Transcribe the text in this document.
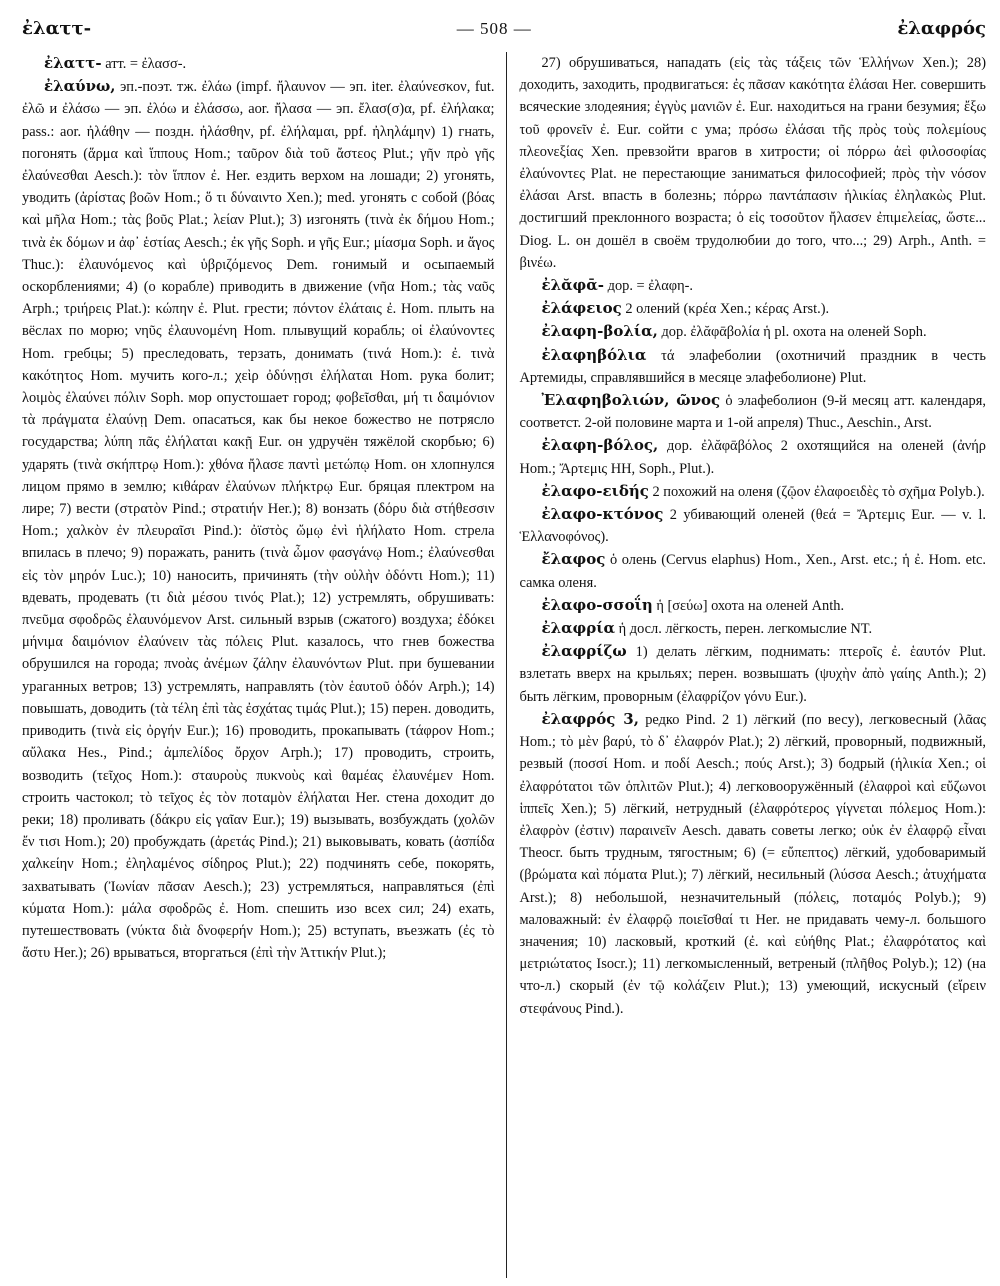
ἐλαττ-	— 508 —	ἐλαφρός

ἐλαττ- атт. = ἐλασσ-.

ἐλαύνω, эп.-поэт. тж. ἐλάω (impf. ἤλαυνον — эп. iter. ἐλαύνεσκον, fut. ἐλῶ и ἐλάσω — эп. ἐλόω и ἐλάσσω, aor. ἤλασα — эп. ἔλασ(σ)α, pf. ἐλήλακα; pass.: aor. ἠλάθην — поздн. ἠλάσθην, pf. ἐλήλαμαι, ppf. ἠληλάμην) 1) гнать, погонять (ἅρμα καὶ ἵππους Hom.; ταῦρον διὰ τοῦ ἄστεος Plut.; γῆν πρὸ γῆς ἐλαύνεσθαι Aesch.): τὸν ἵππον ἐ. Her. ездить верхом на лошади; 2) угонять, уводить (ἀρίστας βοῶν Hom.; ὅ τι δύναιντο Xen.); med. угонять с собой (βόας καὶ μῆλα Hom.; τὰς βοῦς Plat.; λείαν Plut.); 3) изгонять (τινὰ ἐκ δήμου Hom.; τινὰ ἐκ δόμων и ἀφ᾽ ἑστίας Aesch.; ἐκ γῆς Soph. и γῆς Eur.; μίασμα Soph. и ἄγος Thuc.): ἐλαυνόμενος καὶ ὑβριζόμενος Dem. гонимый и осыпаемый оскорблениями; 4) (о корабле) приводить в движение (νῆα Hom.; τὰς ναῦς Arph.; τριήρεις Plat.): κώπην ἐ. Plut. грести; πόντον ἐλάταις ἐ. Hom. плыть на вёслах по морю; νηῦς ἐλαυνομένη Hom. плывущий корабль; οἱ ἐλαύνοντες Hom. гребцы; 5) преследовать, терзать, донимать (τινά Hom.): ἐ. τινὰ κακότητος Hom. мучить кого-л.; χεὶρ ὀδύνῃσι ἐλήλαται Hom. рука болит; λοιμὸς ἐλαύνει πόλιν Soph. мор опустошает город; φοβεῖσθαι, μή τι δαιμόνιον τὰ πράγματα ἐλαύνῃ Dem. опасаться, как бы некое божество не потрясло государства; λύπη πᾶς ἐλήλαται κακῇ Eur. он удручён тяжёлой скорбью; 6) ударять (τινὰ σκήπτρῳ Hom.): χθόνα ἤλασε παντὶ μετώπῳ Hom. он хлопнулся лицом прямо в землю; κιθάραν ἐλαύνων πλήκτρῳ Eur. бряцая плектром на лире; 7) вести (στρατὸν Pind.; στρατιήν Her.); 8) вонзать (δόρυ διὰ στήθεσσιν Hom.; χαλκὸν ἐν πλευραῖσι Pind.): ὀϊστὸς ὤμῳ ἐνὶ ἠλήλατο Hom. стрела впилась в плечо; 9) поражать, ранить (τινὰ ὦμον φασγάνῳ Hom.; ἐλαύνεσθαι εἰς τὸν μηρόν Luc.); 10) наносить, причинять (τὴν οὐλὴν ὀδόντι Hom.); 11) вдевать, продевать (τι διὰ μέσου τινός Plat.); 12) устремлять, обрушивать: πνεῦμα σφοδρῶς ἐλαυνόμενον Arst. сильный взрыв (сжатого) воздуха; ἐδόκει μήνιμα δαιμόνιον ἐλαύνειν τὰς πόλεις Plut. казалось, что гнев божества обрушился на города; πνοὰς ἀνέμων ζάλην ἐλαυνόντων Plut. при бушевании ураганных ветров; 13) устремлять, направлять (τὸν ἑαυτοῦ ὁδόν Arph.); 14) повышать, доводить (τὰ τέλη ἐπὶ τὰς ἐσχάτας τιμάς Plut.); 15) перен. доводить, приводить (τινὰ εἰς ὀργήν Eur.); 16) проводить, прокапывать (τάφρον Hom.; αὔλακα Hes., Pind.; ἀμπελίδος ὄρχον Arph.); 17) проводить, строить, возводить (τεῖχος Hom.): σταυροὺς πυκνοὺς καὶ θαμέας ἐλαυνέμεν Hom. строить частокол; τὸ τεῖχος ἐς τὸν ποταμὸν ἐλήλαται Her. стена доходит до реки; 18) проливать (δάκρυ εἰς γαῖαν Eur.); 19) вызывать, возбуждать (χολῶν ἔν τισι Hom.); 20) пробуждать (ἀρετάς Pind.); 21) выковывать, ковать (ἀσπίδα χαλκείην Hom.; ἐληλαμένος σίδηρος Plut.); 22) подчинять себе, покорять, захватывать (Ἰωνίαν πᾶσαν Aesch.); 23) устремляться, направляться (ἐπὶ κύματα Hom.): μάλα σφοδρῶς ἐ. Hom. спешить изо всех сил; 24) ехать, путешествовать (νύκτα διὰ δνοφερήν Hom.); 25) вступать, въезжать (ἐς τὸ ἄστυ Her.); 26) врываться, вторгаться (ἐπὶ τὴν Ἀττικήν Plut.);

27) обрушиваться, нападать (εἰς τὰς τάξεις τῶν Ἑλλήνων Xen.); 28) доходить, заходить, продвигаться: ἐς πᾶσαν κακότητα ἐλάσαι Her. совершить всяческие злодеяния; ἐγγὺς μανιῶν ἐ. Eur. находиться на грани безумия; ἔξω τοῦ φρονεῖν ἐ. Eur. сойти с ума; πρόσω ἐλάσαι τῆς πρὸς τοὺς πολεμίους πλεονεξίας Xen. превзойти врагов в хитрости; οἱ πόρρω ἀεὶ φιλοσοφίας ἐλαύνοντες Plat. не перестающие заниматься философией; πρὸς τὴν νόσον ἐλάσαι Arst. впасть в болезнь; πόρρω παντάπασιν ἡλικίας ἐληλακὼς Plut. достигший преклонного возраста; ὁ εἰς τοσοῦτον ἤλασεν ἐπιμελείας, ὥστε... Diog. L. он дошёл в своём трудолюбии до того, что...; 29) Arph., Anth. = βινέω.

ἐλᾰφᾱ- дор. = ἐλαφη-.

ἐλάφειος 2 олений (κρέα Xen.; κέρας Arst.).

ἐλαφη-βολία, дор. ἐλᾰφᾱβολία ἡ pl. охота на оленей Soph.

ἐλαφηβόλια τά элафеболии (охотничий праздник в честь Артемиды, справлявшийся в месяце элафеболионе) Plut.

Ἐλαφηβολιών, ῶνος ὁ элафеболион (9-й месяц атт. календаря, соответст. 2-ой половине марта и 1-ой апреля) Thuc., Aeschin., Arst.

ἐλαφη-βόλος, дор. ἐλᾰφᾱβόλος 2 охотящийся на оленей (ἀνήρ Hom.; Ἄρτεμις HH, Soph., Plut.).

ἐλαφο-ειδής 2 похожий на оленя (ζῷον ἐλαφοειδὲς τὸ σχῆμα Polyb.).

ἐλαφο-κτόνος 2 убивающий оленей (θεά = Ἄρτεμις Eur. — v. l. Ἑλλανοφόνος).

ἔλαφος ὁ олень (Cervus elaphus) Hom., Xen., Arst. etc.; ἡ ἐ. Hom. etc. самка оленя.

ἐλαφο-σσοΐη ἡ [σεύω] охота на оленей Anth.

ἐλαφρία ἡ досл. лёгкость, перен. легкомыслие NT.

ἐλαφρίζω 1) делать лёгким, поднимать: πτεροῖς ἐ. ἑαυτόν Plut. взлетать вверх на крыльях; перен. возвышать (ψυχὴν ἀπὸ γαίης Anth.); 2) быть лёгким, проворным (ἐλαφρίζον γόνυ Eur.).

ἐλαφρός 3, редко Pind. 2 1) лёгкий (по весу), легковесный (λᾶας Hom.; τὸ μὲν βαρύ, τὸ δ᾽ ἐλαφρόν Plat.); 2) лёгкий, проворный, подвижный, резвый (ποσσί Hom. и ποδί Aesch.; πούς Arst.); 3) бодрый (ἡλικία Xen.; οἱ ἐλαφρότατοι τῶν ὁπλιτῶν Plut.); 4) легковооружённый (ἐλαφροὶ καὶ εὔζωνοι ἱππεῖς Xen.); 5) лёгкий, нетрудный (ἐλαφρότερος γίγνεται πόλεμος Hom.): ἐλαφρὸν (ἐστιν) παραινεῖν Aesch. давать советы легко; οὐκ ἐν ἐλαφρῷ εἶναι Theocr. быть трудным, тягостным; 6) (= εὔπεπτος) лёгкий, удобоваримый (βρώματα καὶ πόματα Plut.); 7) лёгкий, несильный (λύσσα Aesch.; ἀτυχήματα Arst.); 8) небольшой, незначительный (πόλεις, ποταμός Polyb.); 9) маловажный: ἐν ἐλαφρῷ ποιεῖσθαί τι Her. не придавать чему-л. большого значения; 10) ласковый, кроткий (ἐ. καὶ εὐήθης Plat.; ἐλαφρότατος καὶ μετριώτατος Isocr.); 11) легкомысленный, ветреный (πλῆθος Polyb.); 12) (на что-л.) скорый (ἐν τῷ κολάζειν Plut.); 13) умеющий, искусный (εἴρειν στεφάνους Pind.).
